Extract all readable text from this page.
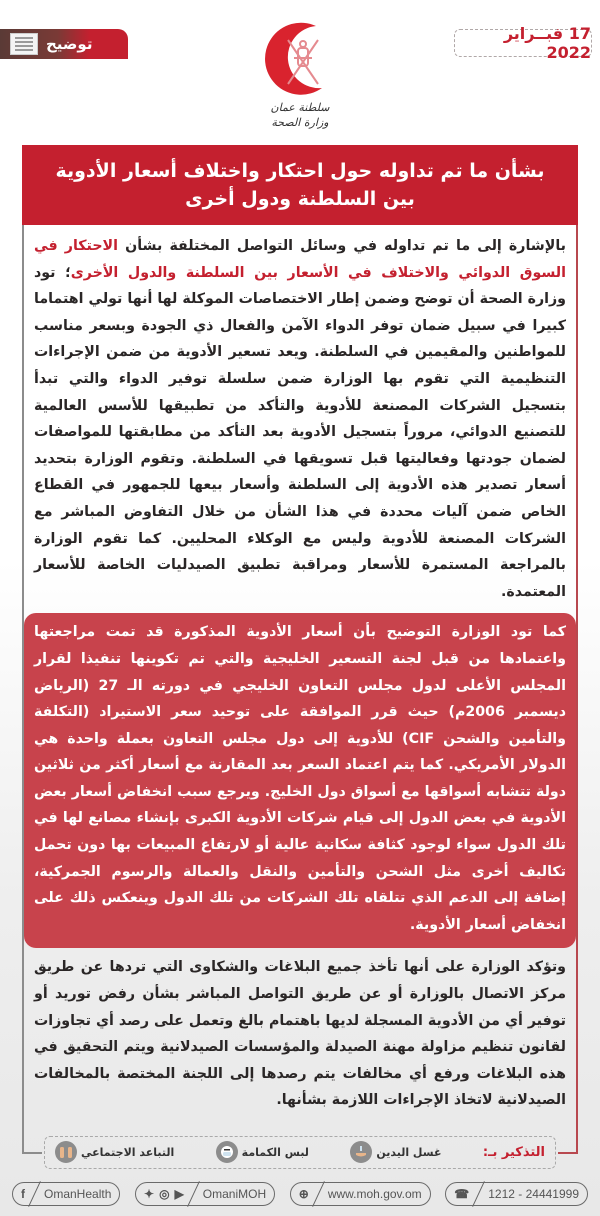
توضيح
سلطنة عمان
وزارة الصحة
17 فبــراير 2022
بشأن ما تم تداوله حول احتكار واختلاف أسعار الأدوية
بين السلطنة ودول أخرى
بالإشارة إلى ما تم تداوله في وسائل التواصل المختلفة بشأن الاحتكار في السوق الدوائي والاختلاف في الأسعار بين السلطنة والدول الأخرى؛ تود وزارة الصحة أن توضح وضمن إطار الاختصاصات الموكلة لها أنها تولي اهتماما كبيرا في سبيل ضمان توفر الدواء الآمن والفعال ذي الجودة وبسعر مناسب للمواطنين والمقيمين في السلطنة. ويعد تسعير الأدوية من ضمن الإجراءات التنظيمية التي تقوم بها الوزارة ضمن سلسلة توفير الدواء والتي تبدأ بتسجيل الشركات المصنعة للأدوية والتأكد من تطبيقها للأسس العالمية للتصنيع الدوائي، مروراً بتسجيل الأدوية بعد التأكد من مطابقتها للمواصفات لضمان جودتها وفعاليتها قبل تسويقها في السلطنة. وتقوم الوزارة بتحديد أسعار تصدير هذه الأدوية إلى السلطنة وأسعار بيعها للجمهور في القطاع الخاص ضمن آليات محددة في هذا الشأن من خلال التفاوض المباشر مع الشركات المصنعة للأدوية وليس مع الوكلاء المحليين. كما تقوم الوزارة بالمراجعة المستمرة للأسعار ومراقبة تطبيق الصيدليات الخاصة للأسعار المعتمدة.
كما تود الوزارة التوضيح بأن أسعار الأدوية المذكورة قد تمت مراجعتها واعتمادها من قبل لجنة التسعير الخليجية والتي تم تكوينها تنفيذا لقرار المجلس الأعلى لدول مجلس التعاون الخليجي في دورته الـ 27 (الرياض ديسمبر 2006م) حيث قرر الموافقة على توحيد سعر الاستيراد (التكلفة والتأمين والشحن CIF) للأدوية إلى دول مجلس التعاون بعملة واحدة هي الدولار الأمريكي. كما يتم اعتماد السعر بعد المقارنة مع أسعار أكثر من ثلاثين دولة تتشابه أسواقها مع أسواق دول الخليج. ويرجع سبب انخفاض أسعار بعض الأدوية في بعض الدول إلى قيام شركات الأدوية الكبرى بإنشاء مصانع لها في تلك الدول سواء لوجود كثافة سكانية عالية أو لارتفاع المبيعات بها دون تحمل تكاليف أخرى مثل الشحن والتأمين والنقل والعمالة والرسوم الجمركية، إضافة إلى الدعم الذي تتلقاه تلك الشركات من تلك الدول وينعكس ذلك على انخفاض أسعار الأدوية.
وتؤكد الوزارة على أنها تأخذ جميع البلاغات والشكاوى التي تردها عن طريق مركز الاتصال بالوزارة أو عن طريق التواصل المباشر بشأن رفض توريد أو توفير أي من الأدوية المسجلة لديها باهتمام بالغ وتعمل على رصد أي تجاوزات لقانون تنظيم مزاولة مهنة الصيدلة والمؤسسات الصيدلانية ويتم التحقيق في هذه البلاغات ورفع أي مخالفات يتم رصدها إلى اللجنة المختصة بالمخالفات الصيدلانية لاتخاذ الإجراءات اللازمة بشأنها.
التذكير بـ:
غسل اليدين
لبس الكمامة
التباعد الاجتماعي
f OmanHealth	✦ ◎ ▶ OmaniMOH	⊕ www.moh.gov.om	☎ 1212 - 24441999
